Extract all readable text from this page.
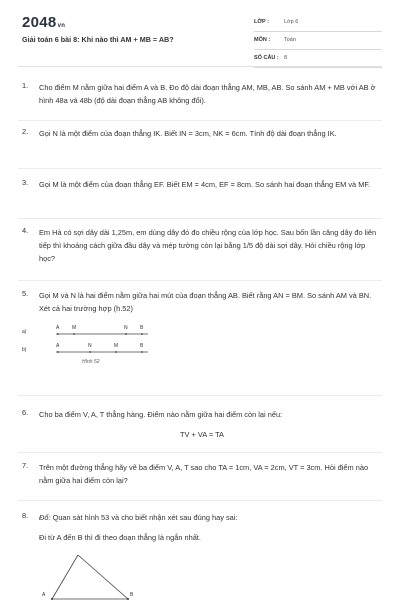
2048vn
Giải toán 6 bài 8: Khi nào thì AM + MB = AB?
LỚP :	Lớp 6
MÔN :	Toán
SỐ CÂU : 8
1. Cho điểm M nằm giữa hai điểm A và B. Đo độ dài đoạn thẳng AM, MB, AB. So sánh AM + MB với AB ở hình 48a và 48b (độ dài đoạn thẳng AB không đổi).
2. Gọi N là một điểm của đoạn thẳng IK. Biết IN = 3cm, NK = 6cm. Tính độ dài đoạn thẳng IK.
3. Gọi M là một điểm của đoạn thẳng EF. Biết EM = 4cm, EF = 8cm. So sánh hai đoạn thẳng EM và MF.
4. Em Hà có sợi dây dài 1,25m, em dùng dây đó đo chiều rộng của lớp học. Sau bốn lần căng dây đo liên tiếp thì khoảng cách giữa đầu dây và mép tường còn lại bằng 1/5 độ dài sợi dây. Hỏi chiều rộng lớp học?
5. Gọi M và N là hai điểm nằm giữa hai mút của đoạn thẳng AB. Biết rằng AN = BM. So sánh AM và BN. Xét cả hai trường hợp (h.52)
a)
b)
A	M	N B
A	N	M	B
Hình 52
6. Cho ba điểm V, A, T thẳng hàng. Điểm nào nằm giữa hai điểm còn lại nếu:
TV + VA = TA
7. Trên một đường thẳng hãy vẽ ba điểm V, A, T sao cho TA = 1cm, VA = 2cm, VT = 3cm. Hỏi điểm nào nằm giữa hai điểm còn lại?
8. Đố: Quan sát hình 53 và cho biết nhận xét sau đúng hay sai:
Đi từ A đến B thì đi theo đoạn thẳng là ngắn nhất.
A	B
